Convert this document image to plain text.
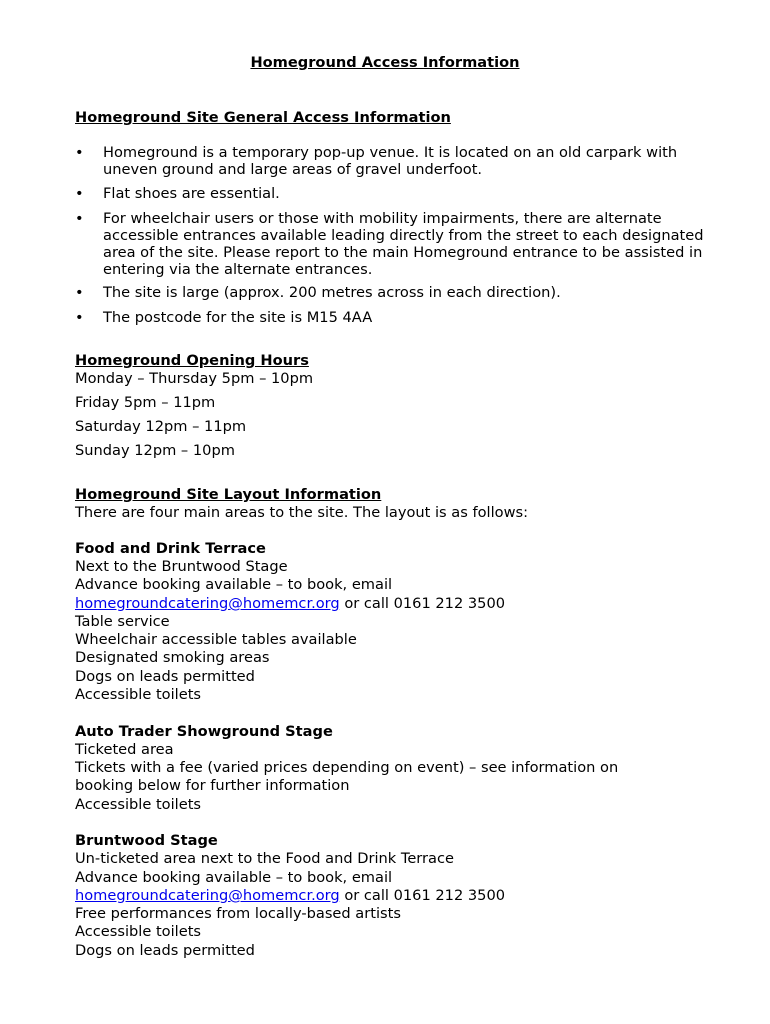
Homeground Access Information
Homeground Site General Access Information
• Homeground is a temporary pop-up venue. It is located on an old carpark with uneven ground and large areas of gravel underfoot.
• Flat shoes are essential.
• For wheelchair users or those with mobility impairments, there are alternate accessible entrances available leading directly from the street to each designated area of the site. Please report to the main Homeground entrance to be assisted in entering via the alternate entrances.
• The site is large (approx. 200 metres across in each direction).
• The postcode for the site is M15 4AA
Homeground Opening Hours
Monday – Thursday 5pm – 10pm
Friday 5pm – 11pm
Saturday 12pm – 11pm
Sunday 12pm – 10pm
Homeground Site Layout Information
There are four main areas to the site. The layout is as follows:
Food and Drink Terrace
Next to the Bruntwood Stage
Advance booking available – to book, email
homegroundcatering@homemcr.org or call 0161 212 3500
Table service
Wheelchair accessible tables available
Designated smoking areas
Dogs on leads permitted
Accessible toilets
Auto Trader Showground Stage
Ticketed area
Tickets with a fee (varied prices depending on event) – see information on
booking below for further information
Accessible toilets
Bruntwood Stage
Un-ticketed area next to the Food and Drink Terrace
Advance booking available – to book, email
homegroundcatering@homemcr.org or call 0161 212 3500
Free performances from locally-based artists
Accessible toilets
Dogs on leads permitted
